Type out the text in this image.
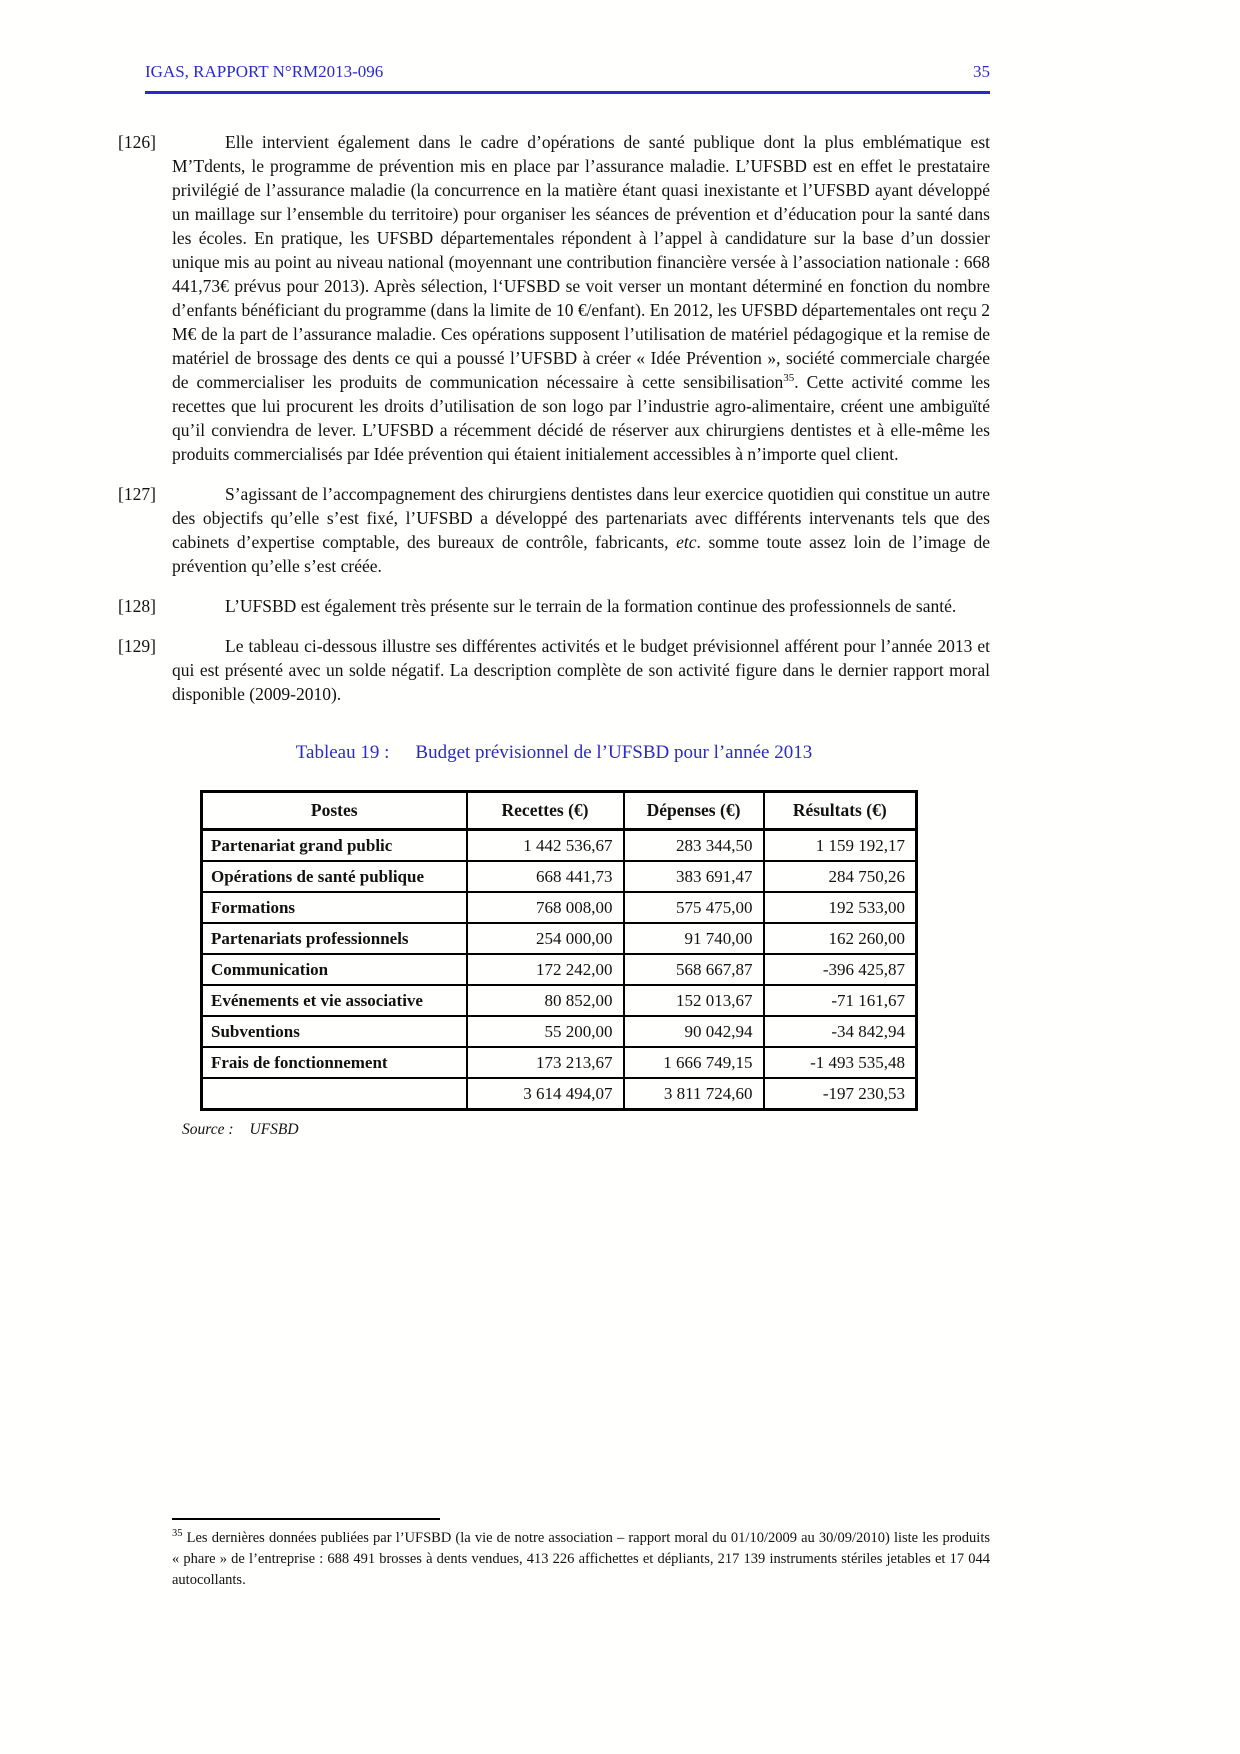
35
IGAS, RAPPORT N°RM2013-096
[126]	Elle intervient également dans le cadre d’opérations de santé publique dont la plus emblématique est M’Tdents, le programme de prévention mis en place par l’assurance maladie. L’UFSBD est en effet le prestataire privilégié de l’assurance maladie (la concurrence en la matière étant quasi inexistante et l’UFSBD ayant développé un maillage sur l’ensemble du territoire) pour organiser les séances de prévention et d’éducation pour la santé dans les écoles. En pratique, les UFSBD départementales répondent à l’appel à candidature sur la base d’un dossier unique mis au point au niveau national (moyennant une contribution financière versée à l’association nationale : 668 441,73€ prévus pour 2013). Après sélection, l‘UFSBD se voit verser un montant déterminé en fonction du nombre d’enfants bénéficiant du programme (dans la limite de 10 €/enfant). En 2012, les UFSBD départementales ont reçu 2 M€ de la part de l’assurance maladie. Ces opérations supposent l’utilisation de matériel pédagogique et la remise de matériel de brossage des dents ce qui a poussé l’UFSBD à créer « Idée Prévention », société commerciale chargée de commercialiser les produits de communication nécessaire à cette sensibilisation$^{35}$. Cette activité comme les recettes que lui procurent les droits d’utilisation de son logo par l’industrie agro-alimentaire, créent une ambiguïté qu’il conviendra de lever. L’UFSBD a récemment décidé de réserver aux chirurgiens dentistes et à elle-même les produits commercialisés par Idée prévention qui étaient initialement accessibles à n’importe quel client.

[127]	S’agissant de l’accompagnement des chirurgiens dentistes dans leur exercice quotidien qui constitue un autre des objectifs qu’elle s’est fixé, l’UFSBD a développé des partenariats avec différents intervenants tels que des cabinets d’expertise comptable, des bureaux de contrôle, fabricants, etc. somme toute assez loin de l’image de prévention qu’elle s’est créée.

[128]	L’UFSBD est également très présente sur le terrain de la formation continue des professionnels de santé.

[129]	Le tableau ci-dessous illustre ses différentes activités et le budget prévisionnel afférent pour l’année 2013 et qui est présenté avec un solde négatif. La description complète de son activité figure dans le dernier rapport moral disponible (2009-2010).

Tableau 19 : Budget prévisionnel de l’UFSBD pour l’année 2013
Postes	Recettes (€)	Dépenses (€)	Résultats (€)
Partenariat grand public	1 442 536,67	283 344,50	1 159 192,17
Opérations de santé publique	668 441,73	383 691,47	284 750,26
Formations	768 008,00	575 475,00	192 533,00
Partenariats professionnels	254 000,00	91 740,00	162 260,00
Communication	172 242,00	568 667,87	-396 425,87
Evénements et vie associative	80 852,00	152 013,67	-71 161,67
Subventions	55 200,00	90 042,94	-34 842,94
Frais de fonctionnement	173 213,67	1 666 749,15	-1 493 535,48
	3 614 494,07	3 811 724,60	-197 230,53
Source : UFSBD

$^{35}$ Les dernières données publiées par l’UFSBD (la vie de notre association – rapport moral du 01/10/2009 au 30/09/2010) liste les produits « phare » de l’entreprise : 688 491 brosses à dents vendues, 413 226 affichettes et dépliants, 217 139 instruments stériles jetables et 17 044 autocollants.
